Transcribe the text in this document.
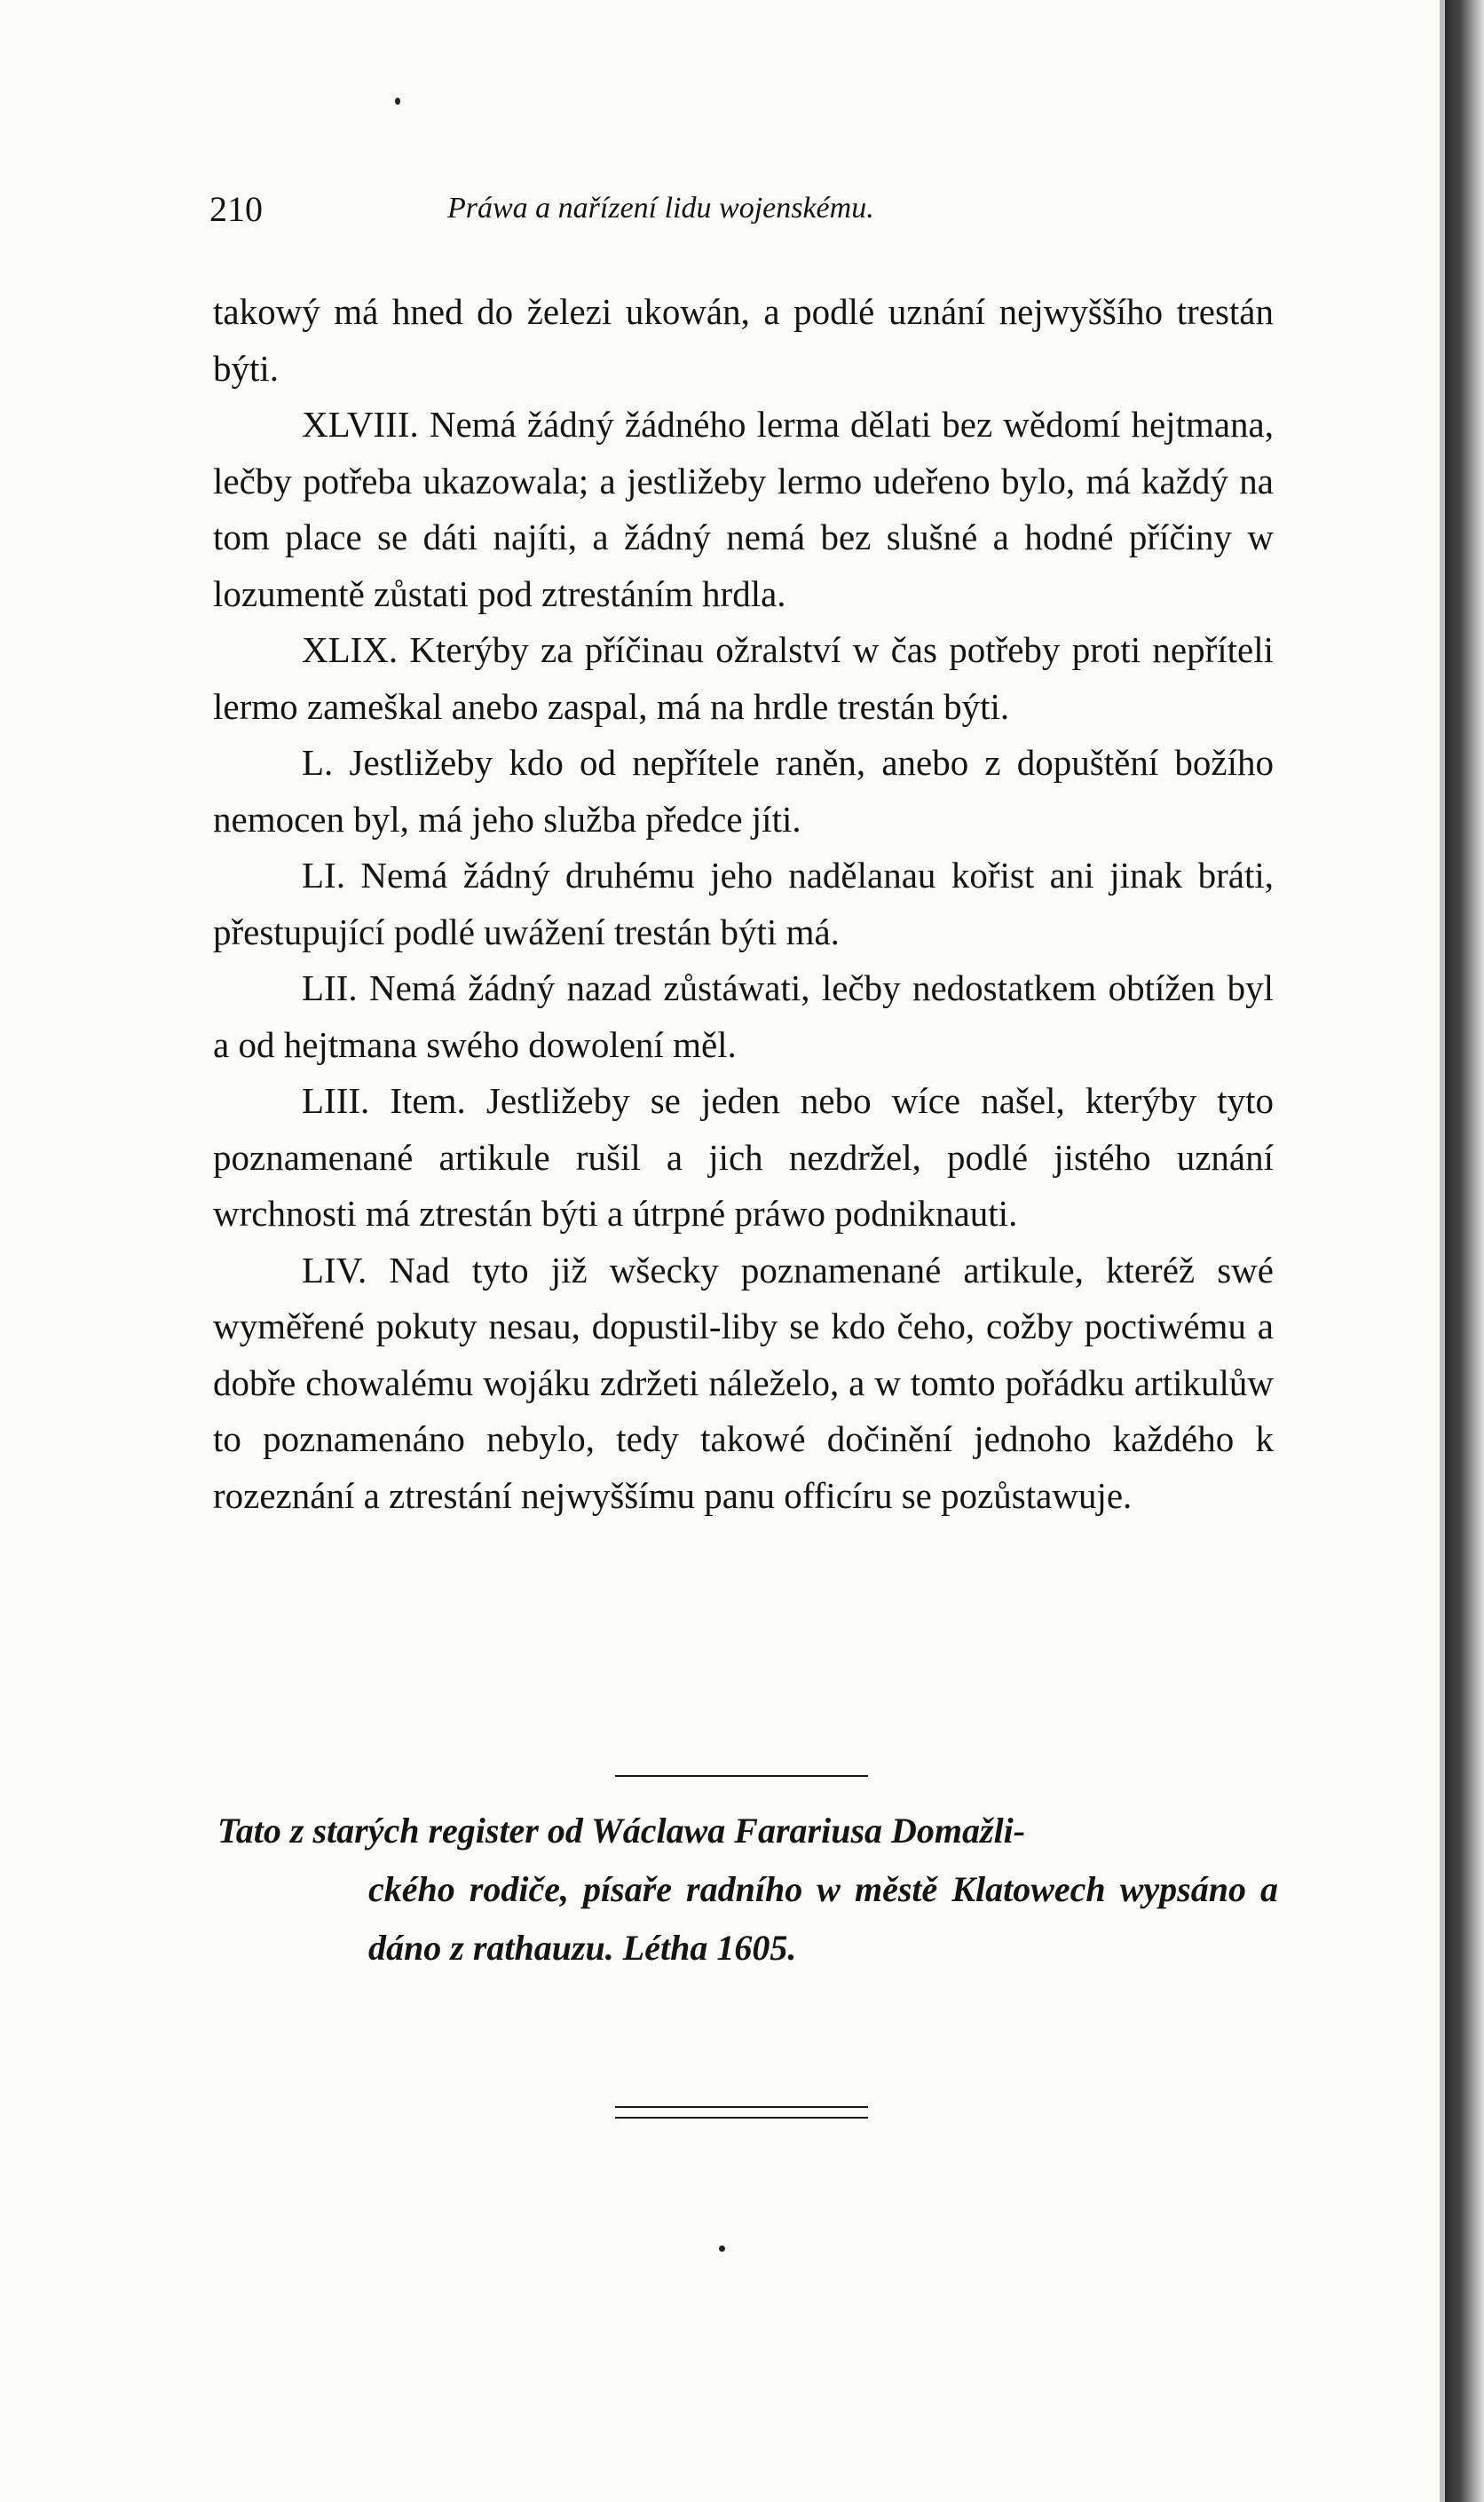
210	Práwa a nařízení lidu wojenskému.

takowý má hned do železi ukowán, a podlé uznání nejwyššího trestán býti.

XLVIII. Nemá žádný žádného lerma dělati bez wědomí hejtmana, lečby potřeba ukazowala; a jestližeby lermo udeřeno bylo, má každý na tom place se dáti najíti, a žádný nemá bez slušné a hodné příčiny w lozumentě zůstati pod ztrestáním hrdla.

XLIX. Kterýby za příčinau ožralství w čas potřeby proti nepříteli lermo zameškal anebo zaspal, má na hrdle trestán býti.

L. Jestližeby kdo od nepřítele raněn, anebo z dopuštění božího nemocen byl, má jeho služba předce jíti.

LI. Nemá žádný druhému jeho nadělanau kořist ani jinak bráti, přestupující podlé uwážení trestán býti má.

LII. Nemá žádný nazad zůstáwati, lečby nedostatkem obtížen byl a od hejtmana swého dowolení měl.

LIII. Item. Jestližeby se jeden nebo wíce našel, kterýby tyto poznamenané artikule rušil a jich nezdržel, podlé jistého uznání wrchnosti má ztrestán býti a útrpné práwo podniknauti.

LIV. Nad tyto již wšecky poznamenané artikule, kteréž swé wyměřené pokuty nesau, dopustil-liby se kdo čeho, cožby poctiwému a dobře chowalému wojáku zdržeti náleželo, a w tomto pořádku artikulůw to poznamenáno nebylo, tedy takowé dočinění jednoho každého k rozeznání a ztrestání nejwyššímu panu officíru se pozůstawuje.

Tato z starých register od Wáclawa Farariusa Domažli-
ckého rodiče, písaře radního w městě Klatowech wypsáno a dáno z rathauzu. Létha 1605.
